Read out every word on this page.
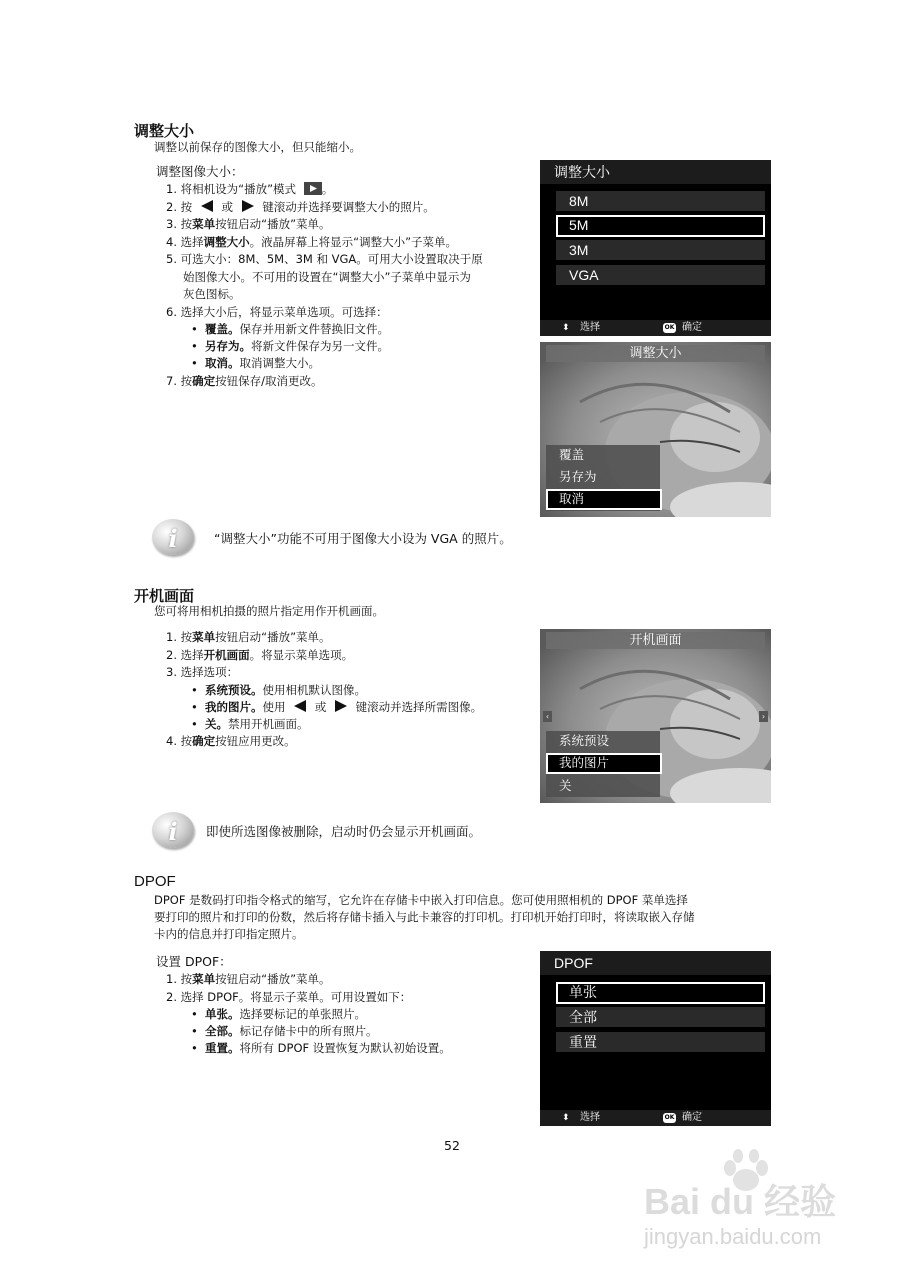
调整大小
调整以前保存的图像大小，但只能缩小。
调整图像大小：
1. 将相机设为“播放”模式 。
2. 按	或	键滚动并选择要调整大小的照片。
3. 按菜单按钮启动“播放”菜单。
4. 选择调整大小。液晶屏幕上将显示“调整大小”子菜单。
5. 可选大小：8M、5M、3M 和 VGA。可用大小设置取决于原
始图像大小。不可用的设置在“调整大小”子菜单中显示为
灰色图标。
6. 选择大小后，将显示菜单选项。可选择：
• 覆盖。保存并用新文件替换旧文件。
• 另存为。将新文件保存为另一文件。
• 取消。取消调整大小。
7. 按确定按钮保存/取消更改。
调整大小
8M
5M
3M
VGA
⬍ 选择	OK 确定
调整大小
覆盖
另存为
取消
i	“调整大小”功能不可用于图像大小设为 VGA 的照片。
开机画面
您可将用相机拍摄的照片指定用作开机画面。
1. 按菜单按钮启动“播放”菜单。
2. 选择开机画面。将显示菜单选项。
3. 选择选项：
• 系统预设。使用相机默认图像。
• 我的图片。使用	或	键滚动并选择所需图像。
• 关。禁用开机画面。
4. 按确定按钮应用更改。
开机画面
‹	›
系统预设
我的图片
关
i	即使所选图像被删除，启动时仍会显示开机画面。
DPOF
DPOF 是数码打印指令格式的缩写，它允许在存储卡中嵌入打印信息。您可使用照相机的 DPOF 菜单选择
要打印的照片和打印的份数，然后将存储卡插入与此卡兼容的打印机。打印机开始打印时，将读取嵌入存储
卡内的信息并打印指定照片。
设置 DPOF：
1. 按菜单按钮启动“播放”菜单。
2. 选择 DPOF。将显示子菜单。可用设置如下：
• 单张。选择要标记的单张照片。
• 全部。标记存储卡中的所有照片。
• 重置。将所有 DPOF 设置恢复为默认初始设置。
DPOF
单张
全部
重置
⬍ 选择	OK 确定
52
Bai du 经验
jingyan.baidu.com
